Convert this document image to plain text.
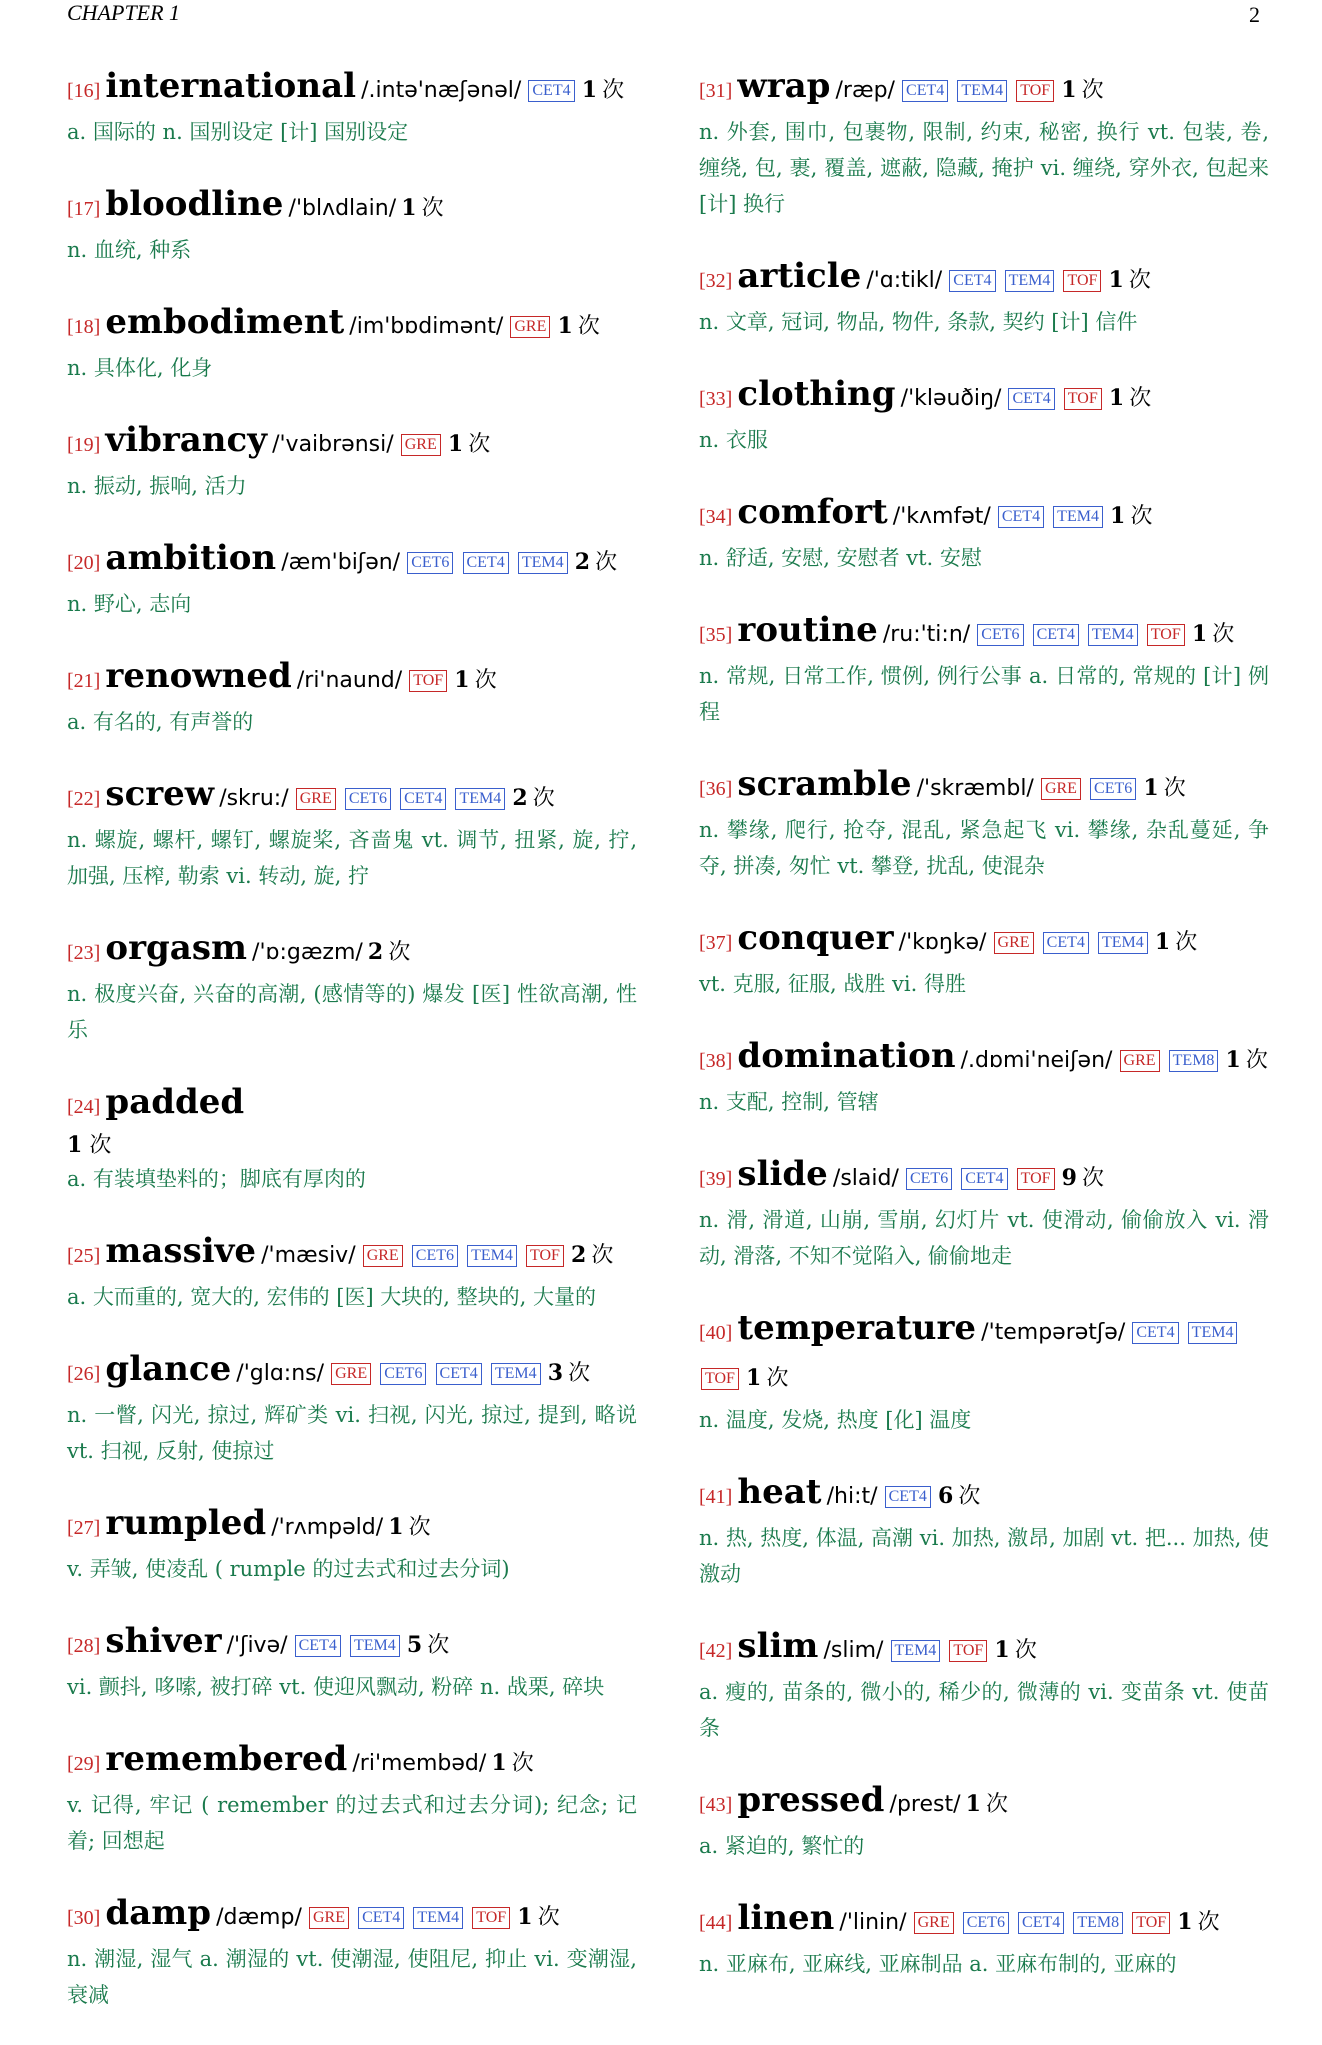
CHAPTER 1	2
[16] international /.intə'næʃənəl/ CET4 1 次
a. 国际的 n. 国别设定 [计] 国别设定
[17] bloodline /'blʌdlain/ 1 次
n. 血统, 种系
[18] embodiment /im'bɒdimənt/ GRE 1 次
n. 具体化, 化身
[19] vibrancy /'vaibrənsi/ GRE 1 次
n. 振动, 振响, 活力
[20] ambition /æm'biʃən/ CET6 CET4 TEM4 2 次
n. 野心, 志向
[21] renowned /ri'naund/ TOF 1 次
a. 有名的, 有声誉的
[22] screw /skru:/ GRE CET6 CET4 TEM4 2 次
n. 螺旋, 螺杆, 螺钉, 螺旋桨, 吝啬鬼 vt. 调节, 扭紧, 旋, 拧, 加强, 压榨, 勒索 vi. 转动, 旋, 拧
[23] orgasm /'ɒ:gæzm/ 2 次
n. 极度兴奋, 兴奋的高潮, (感情等的) 爆发 [医] 性欲高潮, 性乐
[24] padded
1 次
a. 有装填垫料的；脚底有厚肉的
[25] massive /'mæsiv/ GRE CET6 TEM4 TOF 2 次
a. 大而重的, 宽大的, 宏伟的 [医] 大块的, 整块的, 大量的
[26] glance /'glɑ:ns/ GRE CET6 CET4 TEM4 3 次
n. 一瞥, 闪光, 掠过, 辉矿类 vi. 扫视, 闪光, 掠过, 提到, 略说 vt. 扫视, 反射, 使掠过
[27] rumpled /'rʌmpəld/ 1 次
v. 弄皱, 使凌乱 ( rumple 的过去式和过去分词)
[28] shiver /'ʃivə/ CET4 TEM4 5 次
vi. 颤抖, 哆嗦, 被打碎 vt. 使迎风飘动, 粉碎 n. 战栗, 碎块
[29] remembered /ri'membəd/ 1 次
v. 记得, 牢记 ( remember 的过去式和过去分词); 纪念; 记着; 回想起
[30] damp /dæmp/ GRE CET4 TEM4 TOF 1 次
n. 潮湿, 湿气 a. 潮湿的 vt. 使潮湿, 使阻尼, 抑止 vi. 变潮湿, 衰减
[31] wrap /ræp/ CET4 TEM4 TOF 1 次
n. 外套, 围巾, 包裹物, 限制, 约束, 秘密, 换行 vt. 包装, 卷, 缠绕, 包, 裹, 覆盖, 遮蔽, 隐藏, 掩护 vi. 缠绕, 穿外衣, 包起来 [计] 换行
[32] article /'ɑ:tikl/ CET4 TEM4 TOF 1 次
n. 文章, 冠词, 物品, 物件, 条款, 契约 [计] 信件
[33] clothing /'kləuðiŋ/ CET4 TOF 1 次
n. 衣服
[34] comfort /'kʌmfət/ CET4 TEM4 1 次
n. 舒适, 安慰, 安慰者 vt. 安慰
[35] routine /ru:'ti:n/ CET6 CET4 TEM4 TOF 1 次
n. 常规, 日常工作, 惯例, 例行公事 a. 日常的, 常规的 [计] 例程
[36] scramble /'skræmbl/ GRE CET6 1 次
n. 攀缘, 爬行, 抢夺, 混乱, 紧急起飞 vi. 攀缘, 杂乱蔓延, 争夺, 拼凑, 匆忙 vt. 攀登, 扰乱, 使混杂
[37] conquer /'kɒŋkə/ GRE CET4 TEM4 1 次
vt. 克服, 征服, 战胜 vi. 得胜
[38] domination /.dɒmi'neiʃən/ GRE TEM8 1 次
n. 支配, 控制, 管辖
[39] slide /slaid/ CET6 CET4 TOF 9 次
n. 滑, 滑道, 山崩, 雪崩, 幻灯片 vt. 使滑动, 偷偷放入 vi. 滑动, 滑落, 不知不觉陷入, 偷偷地走
[40] temperature /'tempərətʃə/ CET4 TEM4 TOF 1 次
n. 温度, 发烧, 热度 [化] 温度
[41] heat /hi:t/ CET4 6 次
n. 热, 热度, 体温, 高潮 vi. 加热, 激昂, 加剧 vt. 把... 加热, 使激动
[42] slim /slim/ TEM4 TOF 1 次
a. 瘦的, 苗条的, 微小的, 稀少的, 微薄的 vi. 变苗条 vt. 使苗条
[43] pressed /prest/ 1 次
a. 紧迫的, 繁忙的
[44] linen /'linin/ GRE CET6 CET4 TEM8 TOF 1 次
n. 亚麻布, 亚麻线, 亚麻制品 a. 亚麻布制的, 亚麻的
